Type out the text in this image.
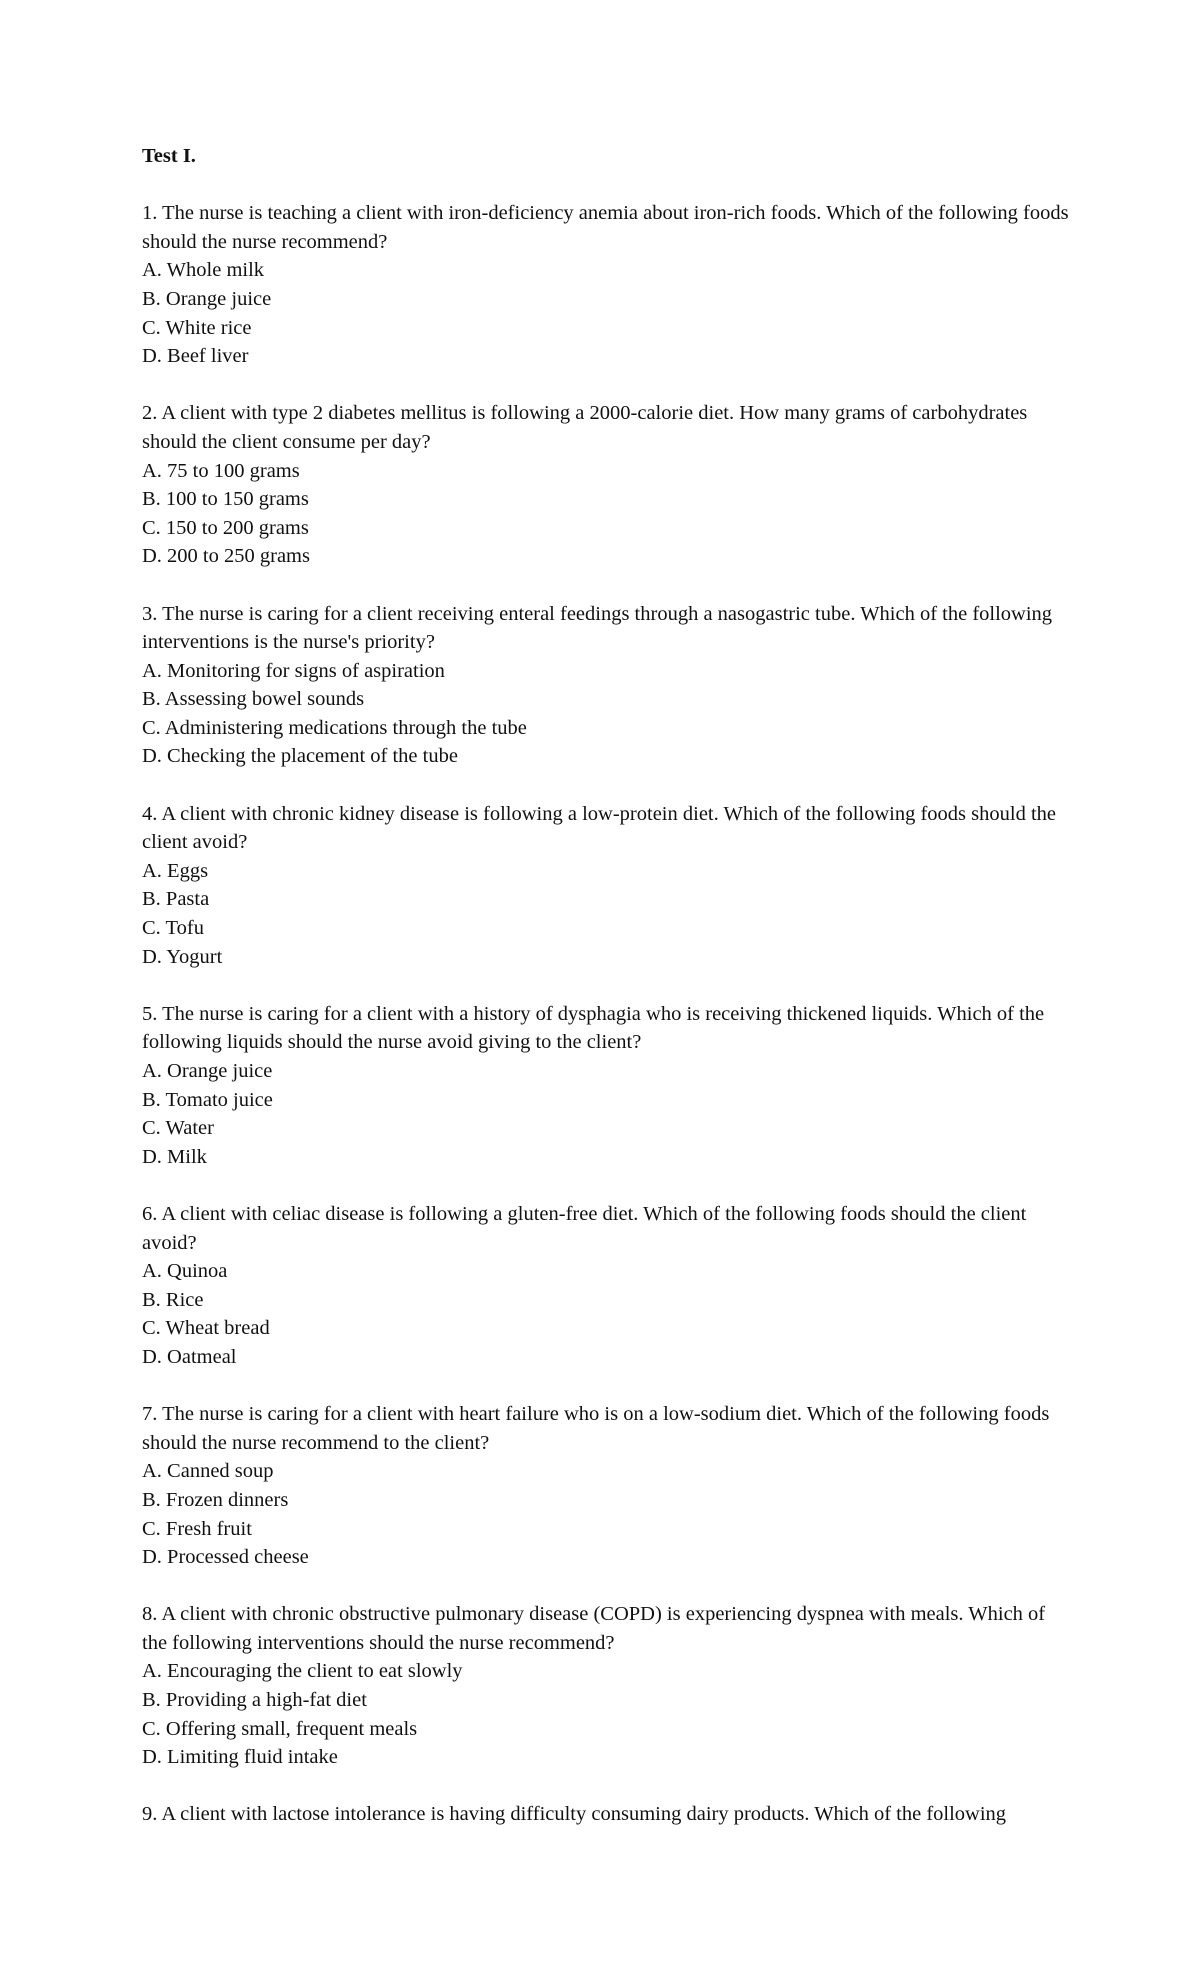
Test I.

1. The nurse is teaching a client with iron-deficiency anemia about iron-rich foods. Which of the following foods should the nurse recommend?

A. Whole milk
B. Orange juice
C. White rice
D. Beef liver

2. A client with type 2 diabetes mellitus is following a 2000-calorie diet. How many grams of carbohydrates should the client consume per day?

A. 75 to 100 grams
B. 100 to 150 grams
C. 150 to 200 grams
D. 200 to 250 grams

3. The nurse is caring for a client receiving enteral feedings through a nasogastric tube. Which of the following interventions is the nurse's priority?

A. Monitoring for signs of aspiration
B. Assessing bowel sounds
C. Administering medications through the tube
D. Checking the placement of the tube

4. A client with chronic kidney disease is following a low-protein diet. Which of the following foods should the client avoid?

A. Eggs
B. Pasta
C. Tofu
D. Yogurt

5. The nurse is caring for a client with a history of dysphagia who is receiving thickened liquids. Which of the following liquids should the nurse avoid giving to the client?

A. Orange juice
B. Tomato juice
C. Water
D. Milk

6. A client with celiac disease is following a gluten-free diet. Which of the following foods should the client avoid?

A. Quinoa
B. Rice
C. Wheat bread
D. Oatmeal

7. The nurse is caring for a client with heart failure who is on a low-sodium diet. Which of the following foods should the nurse recommend to the client?

A. Canned soup
B. Frozen dinners
C. Fresh fruit
D. Processed cheese

8. A client with chronic obstructive pulmonary disease (COPD) is experiencing dyspnea with meals. Which of the following interventions should the nurse recommend?

A. Encouraging the client to eat slowly
B. Providing a high-fat diet
C. Offering small, frequent meals
D. Limiting fluid intake

9. A client with lactose intolerance is having difficulty consuming dairy products. Which of the following
